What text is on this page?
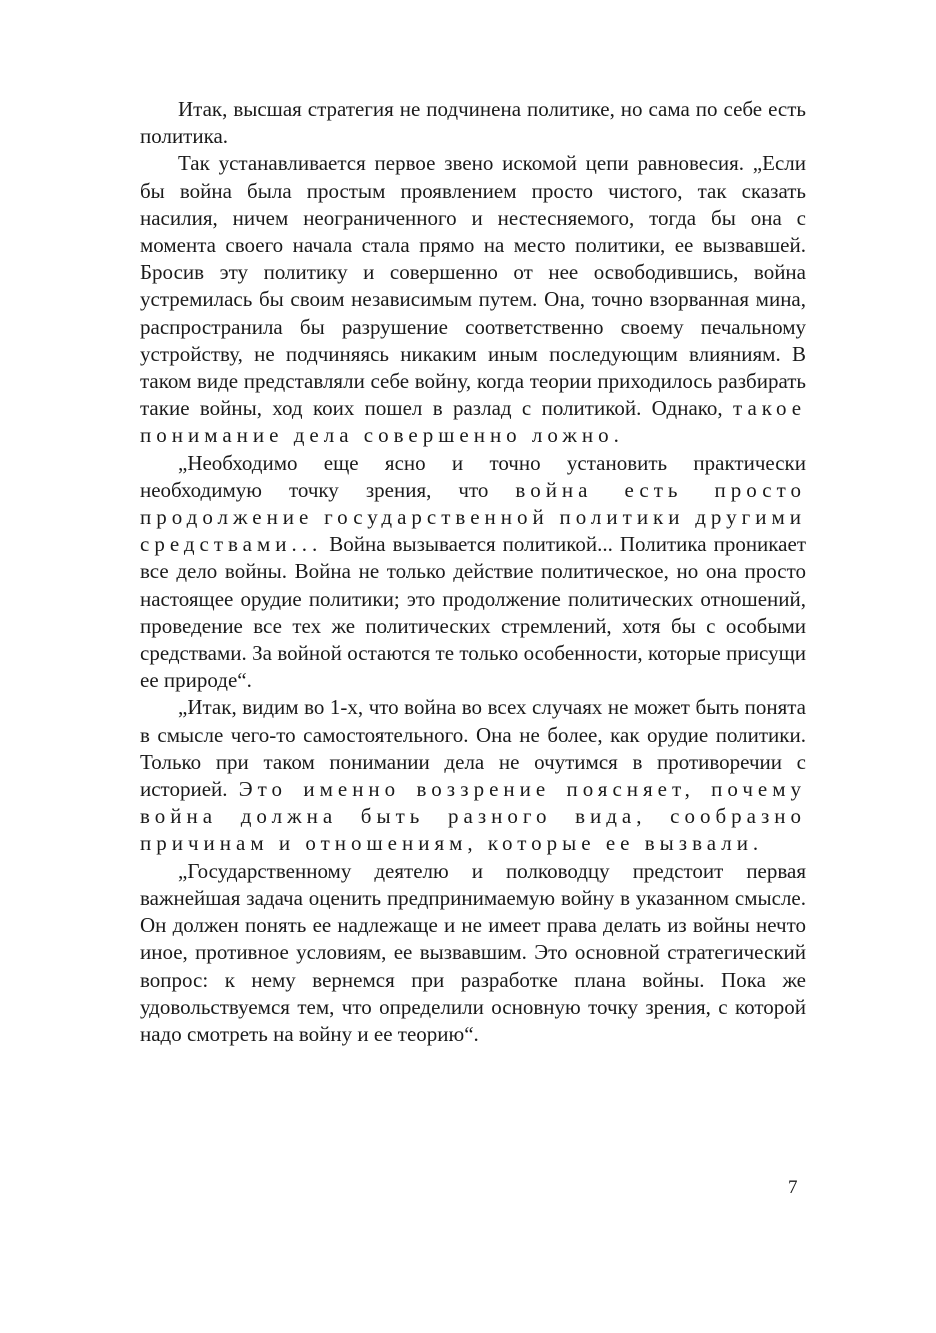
Итак, высшая стратегия не подчинена политике, но сама по себе есть политика.

Так устанавливается первое звено искомой цепи равновесия. „Если бы война была простым проявлением просто чистого, так сказать насилия, ничем неограниченного и нестесняемого, тогда бы она с момента своего начала стала прямо на место политики, ее вызвавшей. Бросив эту политику и совершенно от нее освободившись, война устремилась бы своим независимым путем. Она, точно взорванная мина, распространила бы разрушение соответственно своему печальному устройству, не подчиняясь никаким иным последующим влияниям. В таком виде представляли себе войну, когда теории приходилось разбирать такие войны, ход коих пошел в разлад с политикой. Однако, такое понимание дела совершенно ложно.

„Необходимо еще ясно и точно установить практически необходимую точку зрения, что война есть просто продолжение государственной политики другими средствами... Война вызывается политикой... Политика проникает все дело войны. Война не только действие политическое, но она просто настоящее орудие политики; это продолжение политических отношений, проведение все тех же политических стремлений, хотя бы с особыми средствами. За войной остаются те только особенности, которые присущи ее природе“.

„Итак, видим во 1-х, что война во всех случаях не может быть понята в смысле чего-то самостоятельного. Она не более, как орудие политики. Только при таком понимании дела не очутимся в противоречии с историей. Это именно воззрение поясняет, почему война должна быть разного вида, сообразно причинам и отношениям, которые ее вызвали.

„Государственному деятелю и полководцу предстоит первая важнейшая задача оценить предпринимаемую войну в указанном смысле. Он должен понять ее надлежаще и не имеет права делать из войны нечто иное, противное условиям, ее вызвавшим. Это основной стратегический вопрос: к нему вернемся при разработке плана войны. Пока же удовольствуемся тем, что определили основную точку зрения, с которой надо смотреть на войну и ее теорию“.

7
